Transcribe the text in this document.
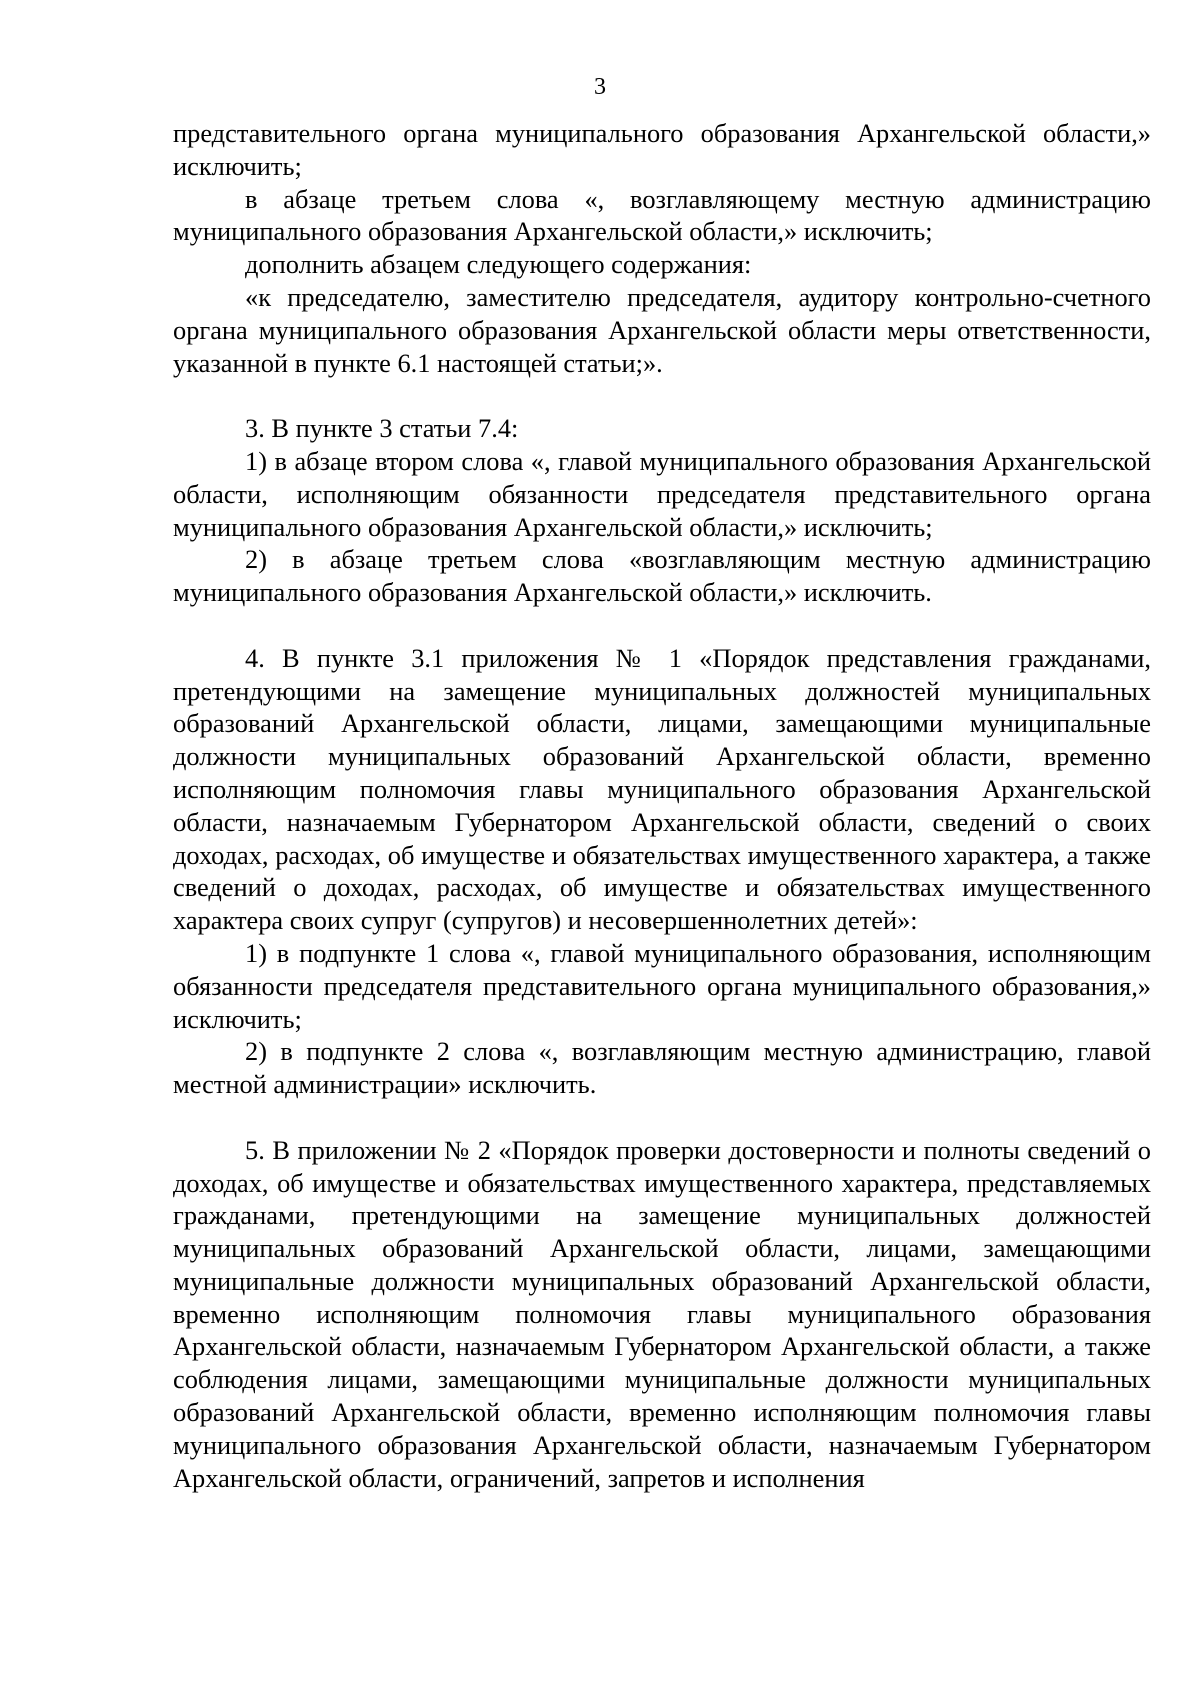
3

представительного органа муниципального образования Архангельской области,» исключить;

в абзаце третьем слова «, возглавляющему местную администрацию муниципального образования Архангельской области,» исключить;

дополнить абзацем следующего содержания:

«к председателю, заместителю председателя, аудитору контрольно-счетного органа муниципального образования Архангельской области меры ответственности, указанной в пункте 6.1 настоящей статьи;».

3. В пункте 3 статьи 7.4:

1) в абзаце втором слова «, главой муниципального образования Архангельской области, исполняющим обязанности председателя представительного органа муниципального образования Архангельской области,» исключить;

2) в абзаце третьем слова «возглавляющим местную администрацию муниципального образования Архангельской области,» исключить.

4. В пункте 3.1 приложения № 1 «Порядок представления гражданами, претендующими на замещение муниципальных должностей муниципальных образований Архангельской области, лицами, замещающими муниципальные должности муниципальных образований Архангельской области, временно исполняющим полномочия главы муниципального образования Архангельской области, назначаемым Губернатором Архангельской области, сведений о своих доходах, расходах, об имуществе и обязательствах имущественного характера, а также сведений о доходах, расходах, об имуществе и обязательствах имущественного характера своих супруг (супругов) и несовершеннолетних детей»:

1) в подпункте 1 слова «, главой муниципального образования, исполняющим обязанности председателя представительного органа муниципального образования,» исключить;

2) в подпункте 2 слова «, возглавляющим местную администрацию, главой местной администрации» исключить.

5. В приложении № 2 «Порядок проверки достоверности и полноты сведений о доходах, об имуществе и обязательствах имущественного характера, представляемых гражданами, претендующими на замещение муниципальных должностей муниципальных образований Архангельской области, лицами, замещающими муниципальные должности муниципальных образований Архангельской области, временно исполняющим полномочия главы муниципального образования Архангельской области, назначаемым Губернатором Архангельской области, а также соблюдения лицами, замещающими муниципальные должности муниципальных образований Архангельской области, временно исполняющим полномочия главы муниципального образования Архангельской области, назначаемым Губернатором Архангельской области, ограничений, запретов и исполнения
